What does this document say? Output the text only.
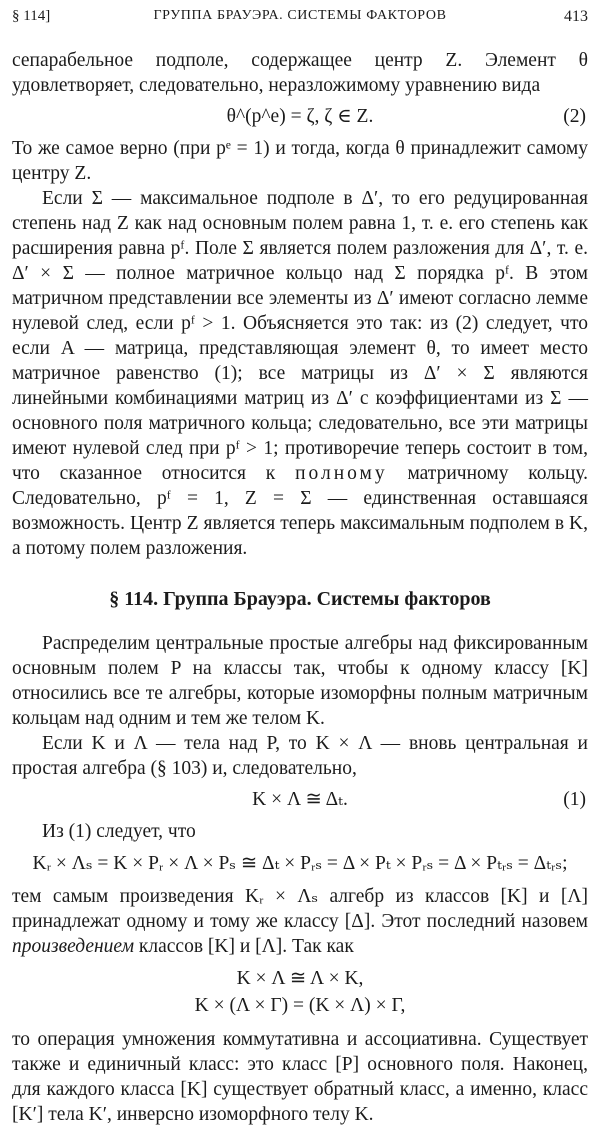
§ 114]	ГРУППА БРАУЭРА. СИСТЕМЫ ФАКТОРОВ	413

сепарабельное подполе, содержащее центр Z. Элемент θ удовлетворяет, следовательно, неразложимому уравнению вида

θ^(p^e) = ζ, ζ ∈ Z.	(2)

То же самое верно (при pᵉ = 1) и тогда, когда θ принадлежит самому центру Z.

Если Σ — максимальное подполе в Δ′, то его редуцированная степень над Z как над основным полем равна 1, т. е. его степень как расширения равна pᶠ. Поле Σ является полем разложения для Δ′, т. е. Δ′ × Σ — полное матричное кольцо над Σ порядка pᶠ. В этом матричном представлении все элементы из Δ′ имеют согласно лемме нулевой след, если pᶠ > 1. Объясняется это так: из (2) следует, что если A — матрица, представляющая элемент θ, то имеет место матричное равенство (1); все матрицы из Δ′ × Σ являются линейными комбинациями матриц из Δ′ с коэффициентами из Σ — основного поля матричного кольца; следовательно, все эти матрицы имеют нулевой след при pᶠ > 1; противоречие теперь состоит в том, что сказанное относится к полному матричному кольцу. Следовательно, pᶠ = 1, Z = Σ — единственная оставшаяся возможность. Центр Z является теперь максимальным подполем в K, а потому полем разложения.

§ 114. Группа Брауэра. Системы факторов

Распределим центральные простые алгебры над фиксированным основным полем P на классы так, чтобы к одному классу [K] относились все те алгебры, которые изоморфны полным матричным кольцам над одним и тем же телом K.

Если K и Λ — тела над P, то K × Λ — вновь центральная и простая алгебра (§ 103) и, следовательно,

K × Λ ≅ Δₜ.	(1)

Из (1) следует, что

Kᵣ × Λₛ = K × Pᵣ × Λ × Pₛ ≅ Δₜ × Pᵣₛ = Δ × Pₜ × Pᵣₛ = Δ × Pₜᵣₛ = Δₜᵣₛ;

тем самым произведения Kᵣ × Λₛ алгебр из классов [K] и [Λ] принадлежат одному и тому же классу [Δ]. Этот последний назовем произведением классов [K] и [Λ]. Так как

K × Λ ≅ Λ × K,
K × (Λ × Γ) = (K × Λ) × Γ,

то операция умножения коммутативна и ассоциативна. Существует также и единичный класс: это класс [P] основного поля. Наконец, для каждого класса [K] существует обратный класс, а именно, класс [K′] тела K′, инверсно изоморфного телу K.
